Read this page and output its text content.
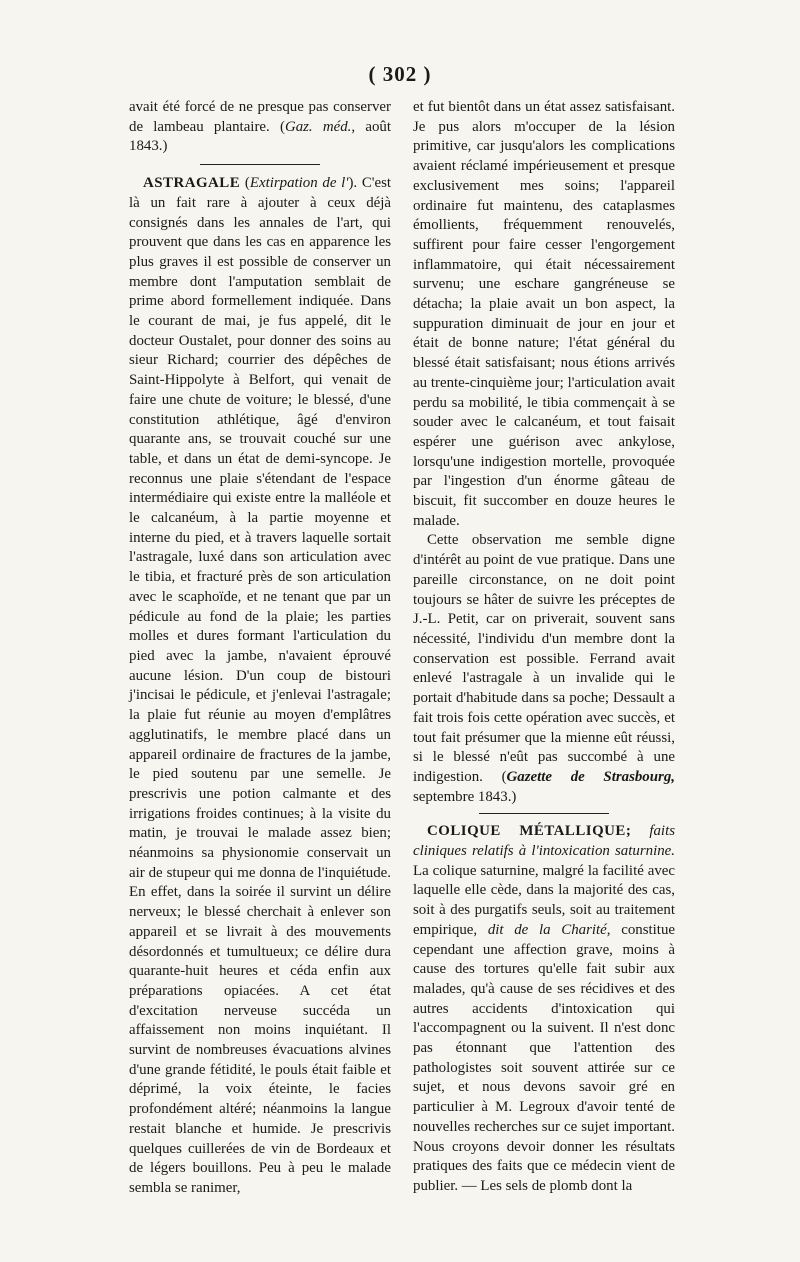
( 302 )

avait été forcé de ne presque pas conserver de lambeau plantaire. (Gaz. méd., août 1843.)

ASTRAGALE (Extirpation de l'). C'est là un fait rare à ajouter à ceux déjà consignés dans les annales de l'art, qui prouvent que dans les cas en apparence les plus graves il est possible de conserver un membre dont l'amputation semblait de prime abord formellement indiquée. Dans le courant de mai, je fus appelé, dit le docteur Oustalet, pour donner des soins au sieur Richard; courrier des dépêches de Saint-Hippolyte à Belfort, qui venait de faire une chute de voiture; le blessé, d'une constitution athlétique, âgé d'environ quarante ans, se trouvait couché sur une table, et dans un état de demi-syncope. Je reconnus une plaie s'étendant de l'espace intermédiaire qui existe entre la malléole et le calcanéum, à la partie moyenne et interne du pied, et à travers laquelle sortait l'astragale, luxé dans son articulation avec le tibia, et fracturé près de son articulation avec le scaphoïde, et ne tenant que par un pédicule au fond de la plaie; les parties molles et dures formant l'articulation du pied avec la jambe, n'avaient éprouvé aucune lésion. D'un coup de bistouri j'incisai le pédicule, et j'enlevai l'astragale; la plaie fut réunie au moyen d'emplâtres agglutinatifs, le membre placé dans un appareil ordinaire de fractures de la jambe, le pied soutenu par une semelle. Je prescrivis une potion calmante et des irrigations froides continues; à la visite du matin, je trouvai le malade assez bien; néanmoins sa physionomie conservait un air de stupeur qui me donna de l'inquiétude. En effet, dans la soirée il survint un délire nerveux; le blessé cherchait à enlever son appareil et se livrait à des mouvements désordonnés et tumultueux; ce délire dura quarante-huit heures et céda enfin aux préparations opiacées. A cet état d'excitation nerveuse succéda un affaissement non moins inquiétant. Il survint de nombreuses évacuations alvines d'une grande fétidité, le pouls était faible et déprimé, la voix éteinte, le facies profondément altéré; néanmoins la langue restait blanche et humide. Je prescrivis quelques cuillerées de vin de Bordeaux et de légers bouillons. Peu à peu le malade sembla se ranimer,

et fut bientôt dans un état assez satisfaisant. Je pus alors m'occuper de la lésion primitive, car jusqu'alors les complications avaient réclamé impérieusement et presque exclusivement mes soins; l'appareil ordinaire fut maintenu, des cataplasmes émollients, fréquemment renouvelés, suffirent pour faire cesser l'engorgement inflammatoire, qui était nécessairement survenu; une eschare gangréneuse se détacha; la plaie avait un bon aspect, la suppuration diminuait de jour en jour et était de bonne nature; l'état général du blessé était satisfaisant; nous étions arrivés au trente-cinquième jour; l'articulation avait perdu sa mobilité, le tibia commençait à se souder avec le calcanéum, et tout faisait espérer une guérison avec ankylose, lorsqu'une indigestion mortelle, provoquée par l'ingestion d'un énorme gâteau de biscuit, fit succomber en douze heures le malade.

Cette observation me semble digne d'intérêt au point de vue pratique. Dans une pareille circonstance, on ne doit point toujours se hâter de suivre les préceptes de J.-L. Petit, car on priverait, souvent sans nécessité, l'individu d'un membre dont la conservation est possible. Ferrand avait enlevé l'astragale à un invalide qui le portait d'habitude dans sa poche; Dessault a fait trois fois cette opération avec succès, et tout fait présumer que la mienne eût réussi, si le blessé n'eût pas succombé à une indigestion. (Gazette de Strasbourg, septembre 1843.)

COLIQUE MÉTALLIQUE; faits cliniques relatifs à l'intoxication saturnine. La colique saturnine, malgré la facilité avec laquelle elle cède, dans la majorité des cas, soit à des purgatifs seuls, soit au traitement empirique, dit de la Charité, constitue cependant une affection grave, moins à cause des tortures qu'elle fait subir aux malades, qu'à cause de ses récidives et des autres accidents d'intoxication qui l'accompagnent ou la suivent. Il n'est donc pas étonnant que l'attention des pathologistes soit souvent attirée sur ce sujet, et nous devons savoir gré en particulier à M. Legroux d'avoir tenté de nouvelles recherches sur ce sujet important. Nous croyons devoir donner les résultats pratiques des faits que ce médecin vient de publier. — Les sels de plomb dont la
